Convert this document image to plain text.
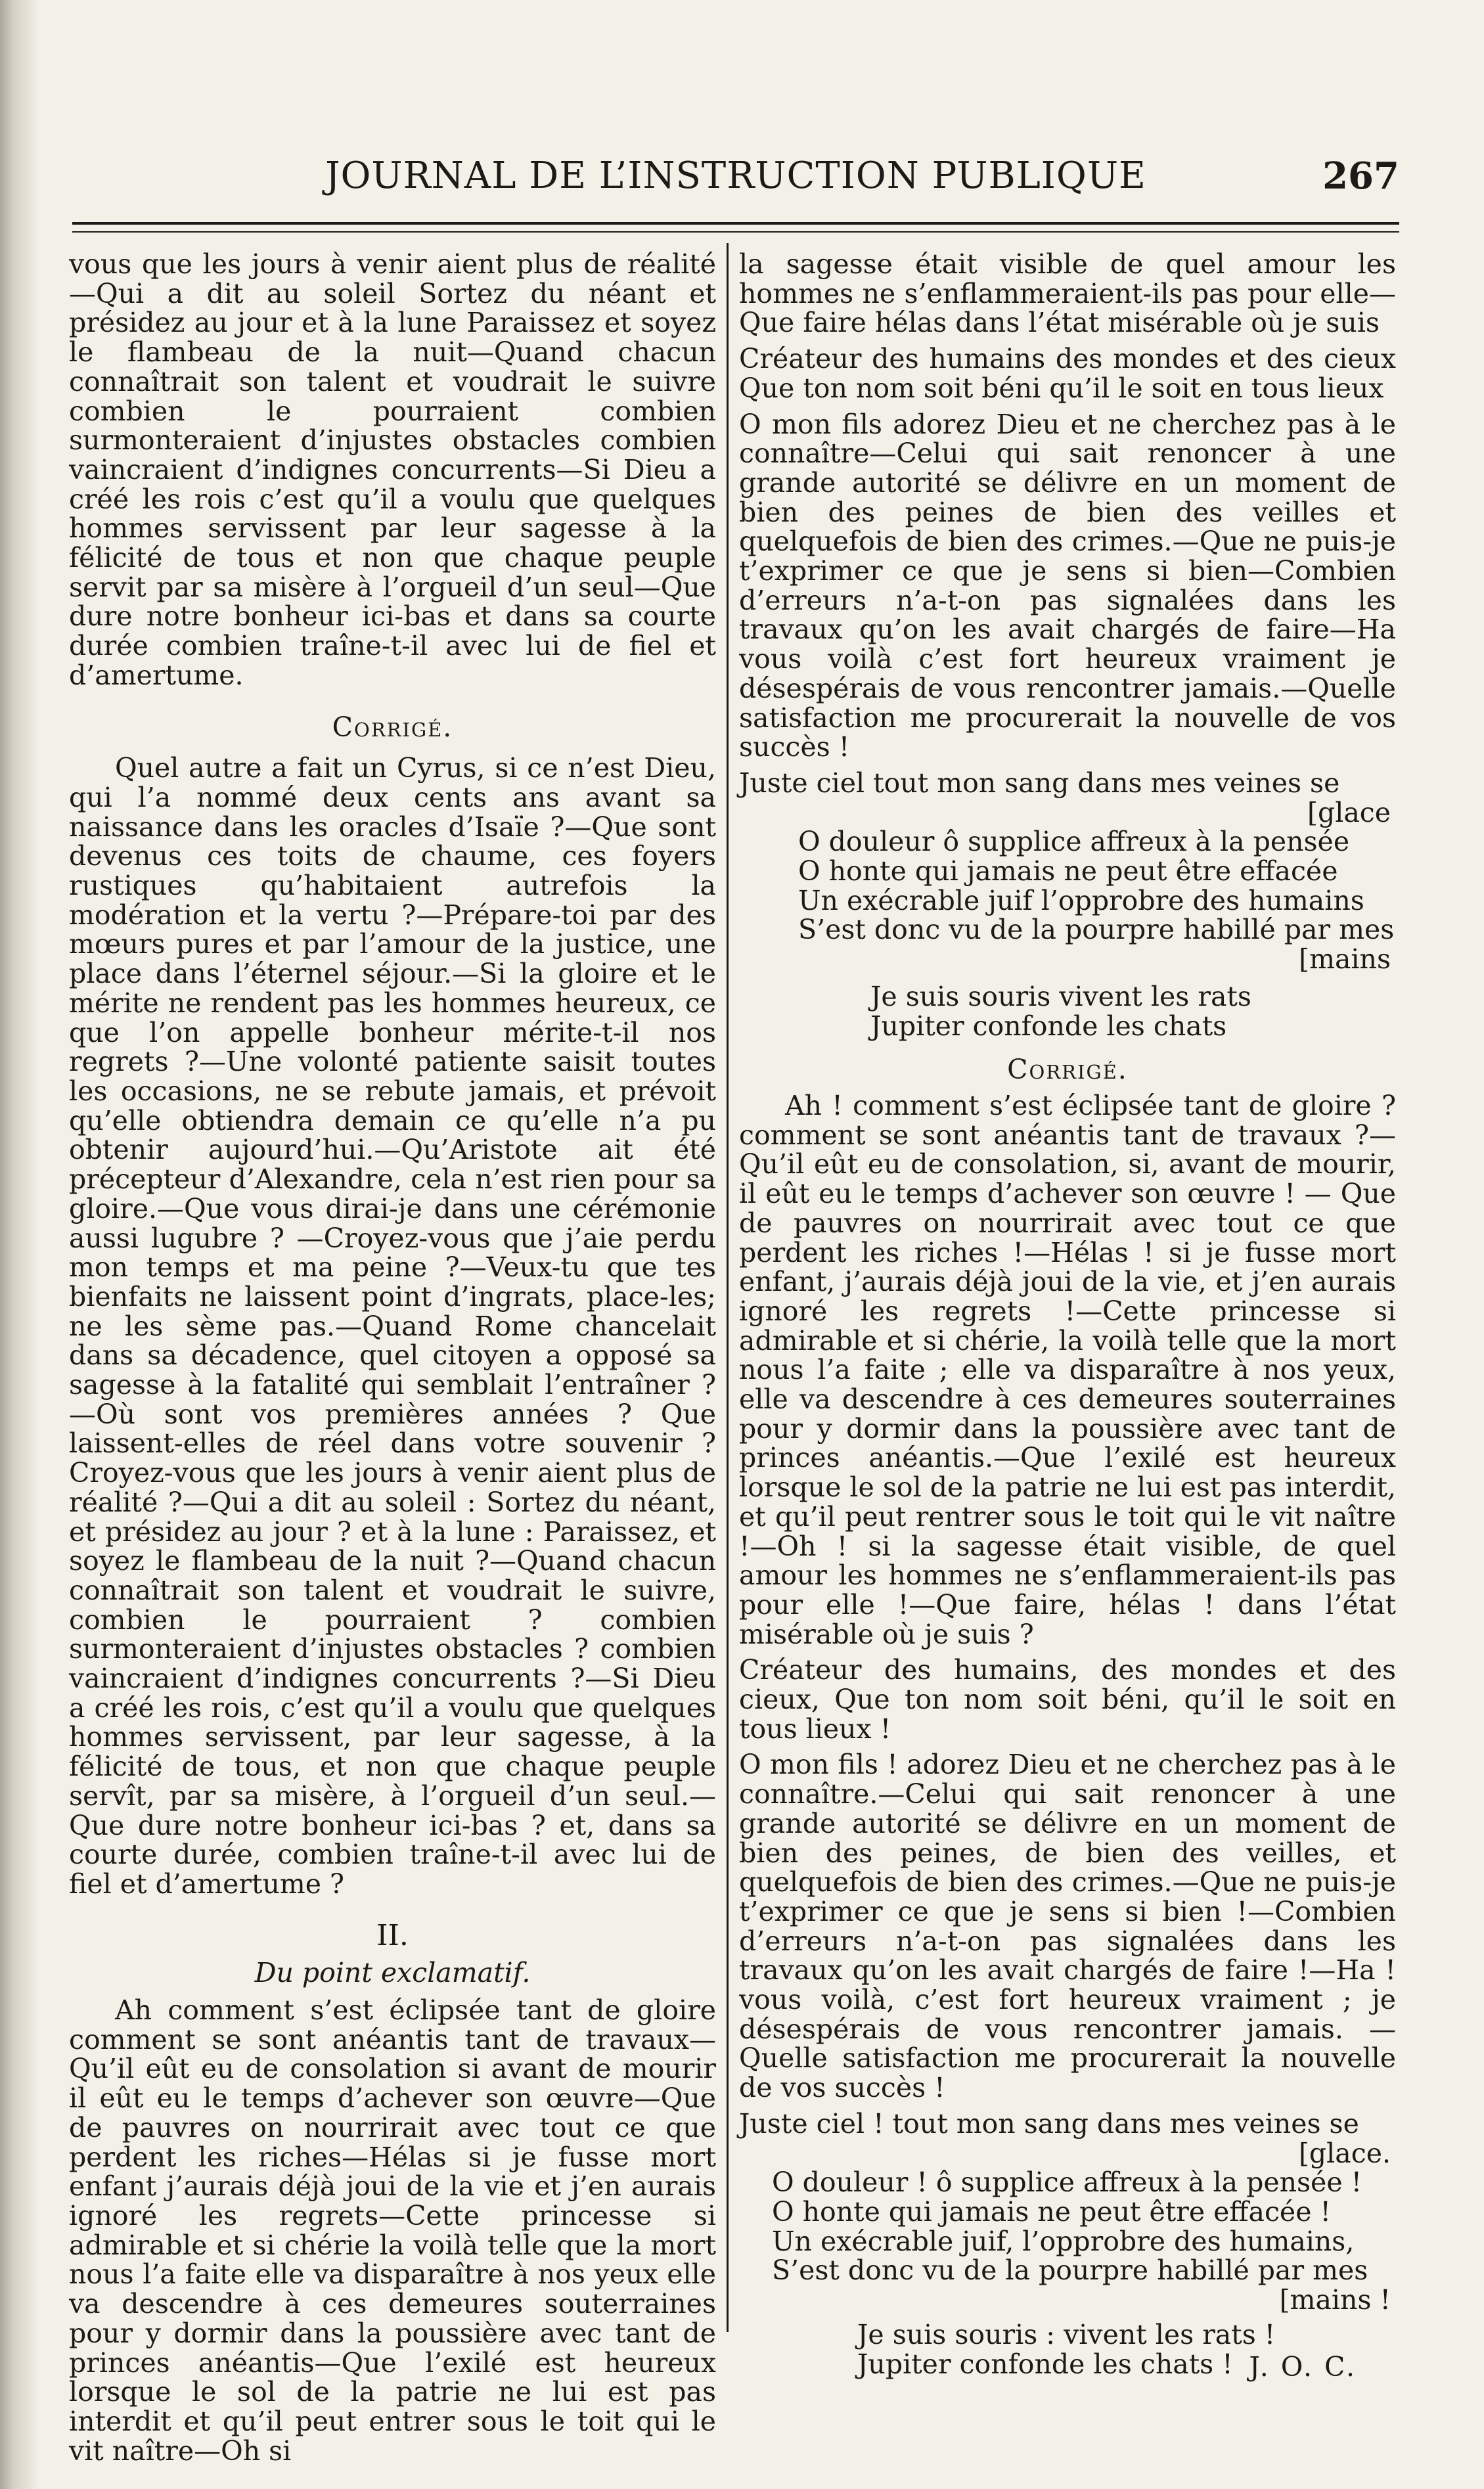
JOURNAL DE L’INSTRUCTION PUBLIQUE	267

vous que les jours à venir aient plus de réalité—Qui a dit au soleil Sortez du néant et présidez au jour et à la lune Paraissez et soyez le flambeau de la nuit—Quand chacun connaîtrait son talent et voudrait le suivre combien le pourraient combien surmonteraient d’injustes obstacles combien vaincraient d’indignes concurrents—Si Dieu a créé les rois c’est qu’il a voulu que quelques hommes servissent par leur sagesse à la félicité de tous et non que chaque peuple servit par sa misère à l’orgueil d’un seul—Que dure notre bonheur ici-bas et dans sa courte durée combien traîne-t-il avec lui de fiel et d’amertume.

Corrigé.

Quel autre a fait un Cyrus, si ce n’est Dieu, qui l’a nommé deux cents ans avant sa naissance dans les oracles d’Isaïe ?—Que sont devenus ces toits de chaume, ces foyers rustiques qu’habitaient autrefois la modération et la vertu ?—Prépare-toi par des mœurs pures et par l’amour de la justice, une place dans l’éternel séjour.—Si la gloire et le mérite ne rendent pas les hommes heureux, ce que l’on appelle bonheur mérite-t-il nos regrets ?—Une volonté patiente saisit toutes les occasions, ne se rebute jamais, et prévoit qu’elle obtiendra demain ce qu’elle n’a pu obtenir aujourd’hui.—Qu’Aristote ait été précepteur d’Alexandre, cela n’est rien pour sa gloire.—Que vous dirai-je dans une cérémonie aussi lugubre ? —Croyez-vous que j’aie perdu mon temps et ma peine ?—Veux-tu que tes bienfaits ne laissent point d’ingrats, place-les; ne les sème pas.—Quand Rome chancelait dans sa décadence, quel citoyen a opposé sa sagesse à la fatalité qui semblait l’entraîner ?—Où sont vos premières années ? Que laissent-elles de réel dans votre souvenir ? Croyez-vous que les jours à venir aient plus de réalité ?—Qui a dit au soleil : Sortez du néant, et présidez au jour ? et à la lune : Paraissez, et soyez le flambeau de la nuit ?—Quand chacun connaîtrait son talent et voudrait le suivre, combien le pourraient ? combien surmonteraient d’injustes obstacles ? combien vaincraient d’indignes concurrents ?—Si Dieu a créé les rois, c’est qu’il a voulu que quelques hommes servissent, par leur sagesse, à la félicité de tous, et non que chaque peuple servît, par sa misère, à l’orgueil d’un seul.—Que dure notre bonheur ici-bas ? et, dans sa courte durée, combien traîne-t-il avec lui de fiel et d’amertume ?

II.

Du point exclamatif.

Ah comment s’est éclipsée tant de gloire comment se sont anéantis tant de travaux—Qu’il eût eu de consolation si avant de mourir il eût eu le temps d’achever son œuvre—Que de pauvres on nourrirait avec tout ce que perdent les riches—Hélas si je fusse mort enfant j’aurais déjà joui de la vie et j’en aurais ignoré les regrets—Cette princesse si admirable et si chérie la voilà telle que la mort nous l’a faite elle va disparaître à nos yeux elle va descendre à ces demeures souterraines pour y dormir dans la poussière avec tant de princes anéantis—Que l’exilé est heureux lorsque le sol de la patrie ne lui est pas interdit et qu’il peut entrer sous le toit qui le vit naître—Oh si

la sagesse était visible de quel amour les hommes ne s’enflammeraient-ils pas pour elle—Que faire hélas dans l’état misérable où je suis

Créateur des humains des mondes et des cieux Que ton nom soit béni qu’il le soit en tous lieux

O mon fils adorez Dieu et ne cherchez pas à le connaître—Celui qui sait renoncer à une grande autorité se délivre en un moment de bien des peines de bien des veilles et quelquefois de bien des crimes.—Que ne puis-je t’exprimer ce que je sens si bien—Combien d’erreurs n’a-t-on pas signalées dans les travaux qu’on les avait chargés de faire—Ha vous voilà c’est fort heureux vraiment je désespérais de vous rencontrer jamais.—Quelle satisfaction me procurerait la nouvelle de vos succès !

Juste ciel tout mon sang dans mes veines se

[glace

O douleur ô supplice affreux à la pensée

O honte qui jamais ne peut être effacée

Un exécrable juif l’opprobre des humains

S’est donc vu de la pourpre habillé par mes

[mains

Je suis souris vivent les rats

Jupiter confonde les chats

Corrigé.

Ah ! comment s’est éclipsée tant de gloire ? comment se sont anéantis tant de travaux ?—Qu’il eût eu de consolation, si, avant de mourir, il eût eu le temps d’achever son œuvre ! — Que de pauvres on nourrirait avec tout ce que perdent les riches !—Hélas ! si je fusse mort enfant, j’aurais déjà joui de la vie, et j’en aurais ignoré les regrets !—Cette princesse si admirable et si chérie, la voilà telle que la mort nous l’a faite ; elle va disparaître à nos yeux, elle va descendre à ces demeures souterraines pour y dormir dans la poussière avec tant de princes anéantis.—Que l’exilé est heureux lorsque le sol de la patrie ne lui est pas interdit, et qu’il peut rentrer sous le toit qui le vit naître !—Oh ! si la sagesse était visible, de quel amour les hommes ne s’enflammeraient-ils pas pour elle !—Que faire, hélas ! dans l’état misérable où je suis ?

Créateur des humains, des mondes et des cieux, Que ton nom soit béni, qu’il le soit en tous lieux !

O mon fils ! adorez Dieu et ne cherchez pas à le connaître.—Celui qui sait renoncer à une grande autorité se délivre en un moment de bien des peines, de bien des veilles, et quelquefois de bien des crimes.—Que ne puis-je t’exprimer ce que je sens si bien !—Combien d’erreurs n’a-t-on pas signalées dans les travaux qu’on les avait chargés de faire !—Ha ! vous voilà, c’est fort heureux vraiment ; je désespérais de vous rencontrer jamais. —Quelle satisfaction me procurerait la nouvelle de vos succès !

Juste ciel ! tout mon sang dans mes veines se

[glace.

O douleur ! ô supplice affreux à la pensée !

O honte qui jamais ne peut être effacée !

Un exécrable juif, l’opprobre des humains,

S’est donc vu de la pourpre habillé par mes

[mains !

Je suis souris : vivent les rats !

Jupiter confonde les chats ! J. O. C.
